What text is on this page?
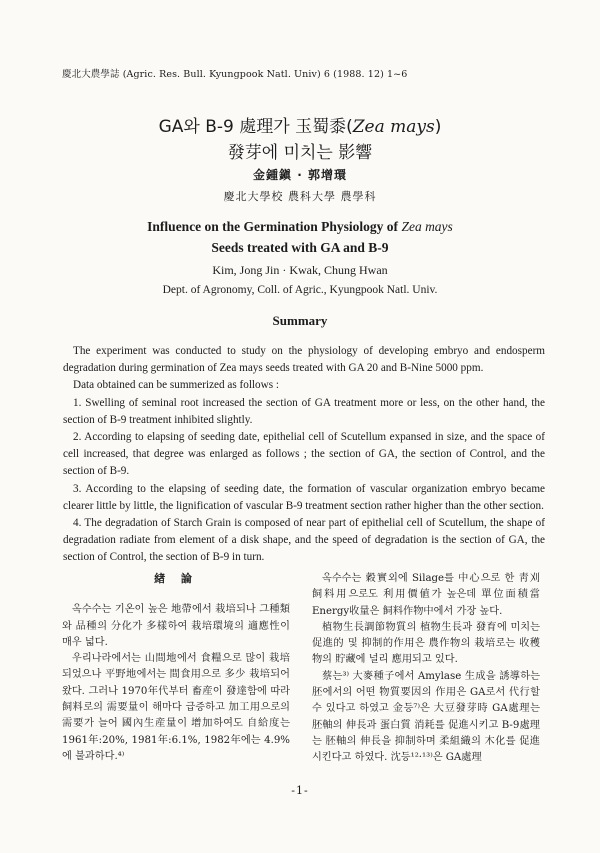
慶北大農學誌 (Agric. Res. Bull. Kyungpook Natl. Univ) 6 (1988. 12) 1~6
GA와 B-9 處理가 玉蜀黍(Zea mays)
發芽에 미치는 影響
金鍾鎭 · 郭增環
慶北大學校 農科大學 農學科
Influence on the Germination Physiology of Zea mays
Seeds treated with GA and B-9
Kim, Jong Jin · Kwak, Chung Hwan
Dept. of Agronomy, Coll. of Agric., Kyungpook Natl. Univ.
Summary

The experiment was conducted to study on the physiology of developing embryo and endosperm degradation during germination of Zea mays seeds treated with GA 20 and B-Nine 5000 ppm.

Data obtained can be summerized as follows :

1. Swelling of seminal root increased the section of GA treatment more or less, on the other hand, the section of B-9 treatment inhibited slightly.

2. According to elapsing of seeding date, epithelial cell of Scutellum expansed in size, and the space of cell increased, that degree was enlarged as follows ; the section of GA, the section of Control, and the section of B-9.

3. According to the elapsing of seeding date, the formation of vascular organization embryo became clearer little by little, the lignification of vascular B-9 treatment section rather higher than the other section.

4. The degradation of Starch Grain is composed of near part of epithelial cell of Scutellum, the shape of degradation radiate from element of a disk shape, and the speed of degradation is the section of GA, the section of Control, the section of B-9 in turn.

緖 論

옥수수는 기온이 높은 地帶에서 栽培되나 그種類와 品種의 分化가 多樣하여 栽培環境의 適應性이 매우 넓다.

우리나라에서는 山間地에서 食糧으로 많이 栽培되었으나 平野地에서는 間食用으로 多少 栽培되어 왔다. 그러나 1970年代부터 畜産이 發達함에 따라 飼料로의 需要量이 해마다 급증하고 加工用으로의 需要가 늘어 國內生産量이 增加하여도 自給度는 1961年:20%, 1981年:6.1%, 1982年에는 4.9%에 불과하다.⁴⁾

옥수수는 穀實외에 Silage를 中心으로 한 靑刈飼料用으로도 利用價値가 높은데 單位面積當 Energy收量은 飼料作物中에서 가장 높다.

植物生長調節物質의 植物生長과 發育에 미치는 促進的 및 抑制的作用은 農作物의 栽培로는 收穫物의 貯藏에 널리 應用되고 있다.

蔡는³⁾ 大麥種子에서 Amylase 生成을 誘導하는 胚에서의 어떤 物質要因의 作用은 GA로서 代行할수 있다고 하였고 金등⁷⁾은 大豆發芽時 GA處理는 胚軸의 伸長과 蛋白質 消耗를 促進시키고 B-9處理는 胚軸의 伸長을 抑制하며 柔組織의 木化를 促進시킨다고 하였다. 沈등¹²·¹³⁾은 GA處理

-1-
